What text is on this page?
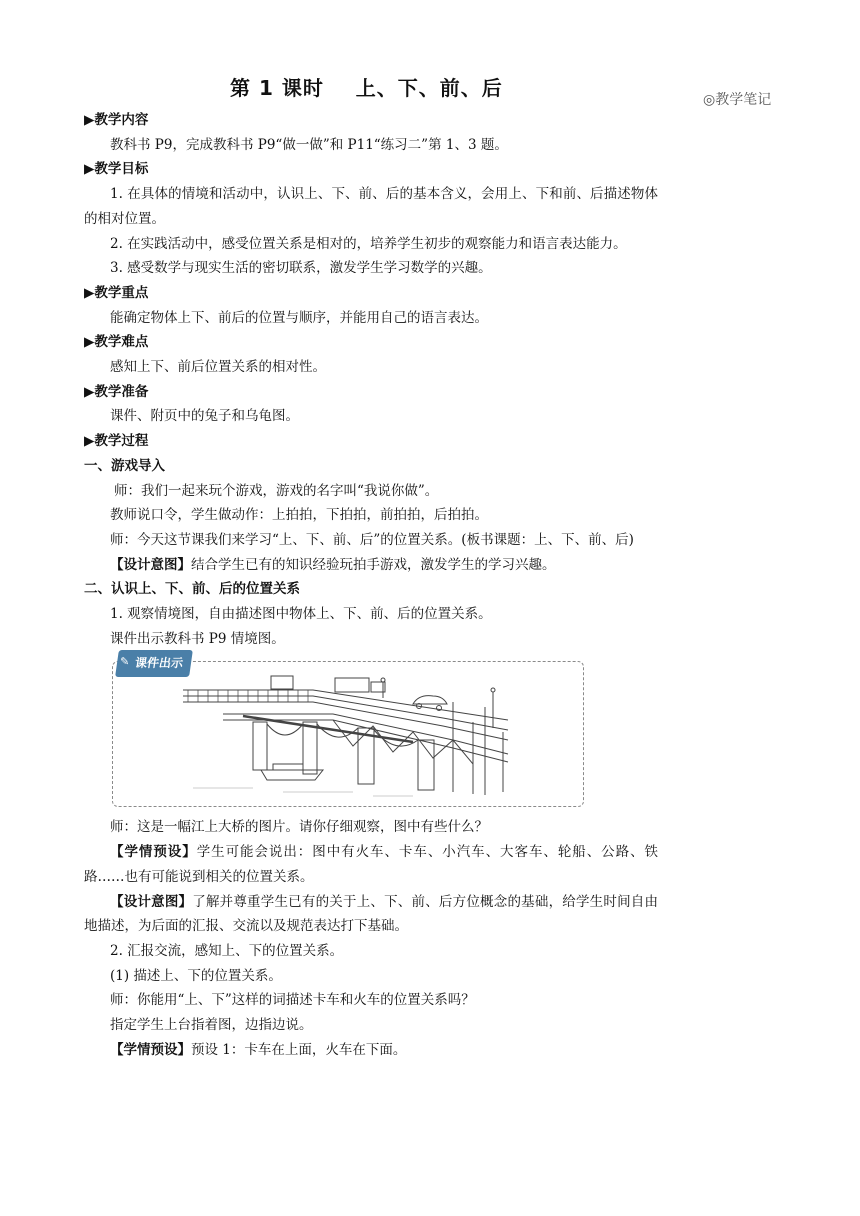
第 1 课时    上、下、前、后	◎教学笔记

▶教学内容

教科书 P9，完成教科书 P9“做一做”和 P11“练习二”第 1、3 题。

▶教学目标

1. 在具体的情境和活动中，认识上、下、前、后的基本含义，会用上、下和前、后描述物体的相对位置。

2. 在实践活动中，感受位置关系是相对的，培养学生初步的观察能力和语言表达能力。

3. 感受数学与现实生活的密切联系，激发学生学习数学的兴趣。

▶教学重点

能确定物体上下、前后的位置与顺序，并能用自己的语言表达。

▶教学难点

感知上下、前后位置关系的相对性。

▶教学准备

课件、附页中的兔子和乌龟图。

▶教学过程

一、游戏导入

师：我们一起来玩个游戏，游戏的名字叫“我说你做”。

教师说口令，学生做动作：上拍拍，下拍拍，前拍拍，后拍拍。

师：今天这节课我们来学习“上、下、前、后”的位置关系。(板书课题：上、下、前、后)

【设计意图】结合学生已有的知识经验玩拍手游戏，激发学生的学习兴趣。

二、认识上、下、前、后的位置关系

1. 观察情境图，自由描述图中物体上、下、前、后的位置关系。

课件出示教科书 P9 情境图。

✎ 课件出示

师：这是一幅江上大桥的图片。请你仔细观察，图中有些什么？

【学情预设】学生可能会说出：图中有火车、卡车、小汽车、大客车、轮船、公路、铁路……也有可能说到相关的位置关系。

【设计意图】了解并尊重学生已有的关于上、下、前、后方位概念的基础，给学生时间自由地描述，为后面的汇报、交流以及规范表达打下基础。

2. 汇报交流，感知上、下的位置关系。

(1) 描述上、下的位置关系。

师：你能用“上、下”这样的词描述卡车和火车的位置关系吗？

指定学生上台指着图，边指边说。

【学情预设】预设 1：卡车在上面，火车在下面。
